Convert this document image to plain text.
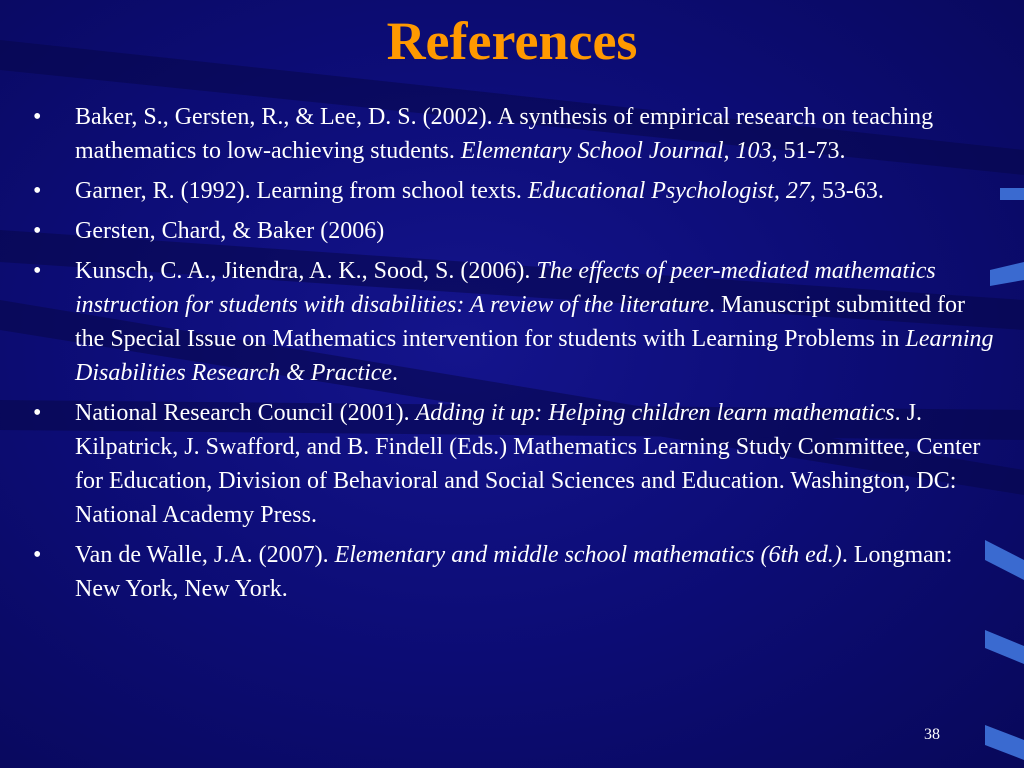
References
• Baker, S., Gersten, R., & Lee, D. S. (2002). A synthesis of empirical research on teaching mathematics to low-achieving students. Elementary School Journal, 103, 51-73.
• Garner, R. (1992). Learning from school texts. Educational Psychologist, 27, 53-63.
• Gersten, Chard, & Baker (2006)
• Kunsch, C. A., Jitendra, A. K., Sood, S. (2006). The effects of peer-mediated mathematics instruction for students with disabilities: A review of the literature. Manuscript submitted for the Special Issue on Mathematics intervention for students with Learning Problems in Learning Disabilities Research & Practice.
• National Research Council (2001). Adding it up: Helping children learn mathematics. J. Kilpatrick, J. Swafford, and B. Findell (Eds.) Mathematics Learning Study Committee, Center for Education, Division of Behavioral and Social Sciences and Education. Washington, DC: National Academy Press.
• Van de Walle, J.A. (2007). Elementary and middle school mathematics (6th ed.). Longman: New York, New York.
38
